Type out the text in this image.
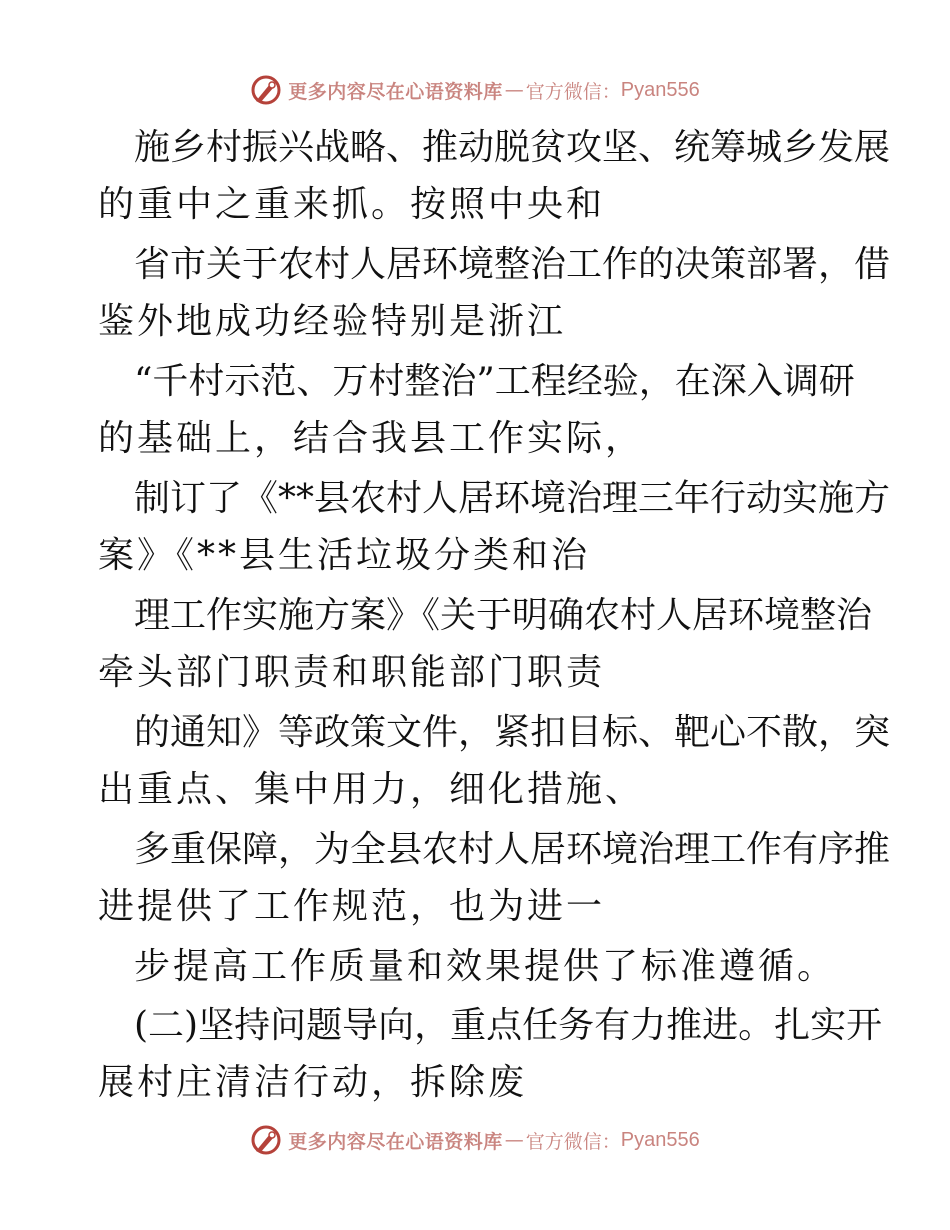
更多内容尽在心语资料库 — 官方微信： Pyan556
施乡村振兴战略、推动脱贫攻坚、统筹城乡发展
的重中之重来抓。按照中央和
省市关于农村人居环境整治工作的决策部署，借
鉴外地成功经验特别是浙江
“千村示范、万村整治”工程经验，在深入调研
的基础上，结合我县工作实际，
制订了《**县农村人居环境治理三年行动实施方
案》《**县生活垃圾分类和治
理工作实施方案》《关于明确农村人居环境整治
牵头部门职责和职能部门职责
的通知》等政策文件，紧扣目标、靶心不散，突
出重点、集中用力，细化措施、
多重保障，为全县农村人居环境治理工作有序推
进提供了工作规范，也为进一
步提高工作质量和效果提供了标准遵循。
(二)坚持问题导向，重点任务有力推进。扎实开
展村庄清洁行动，拆除废
更多内容尽在心语资料库 — 官方微信： Pyan556
